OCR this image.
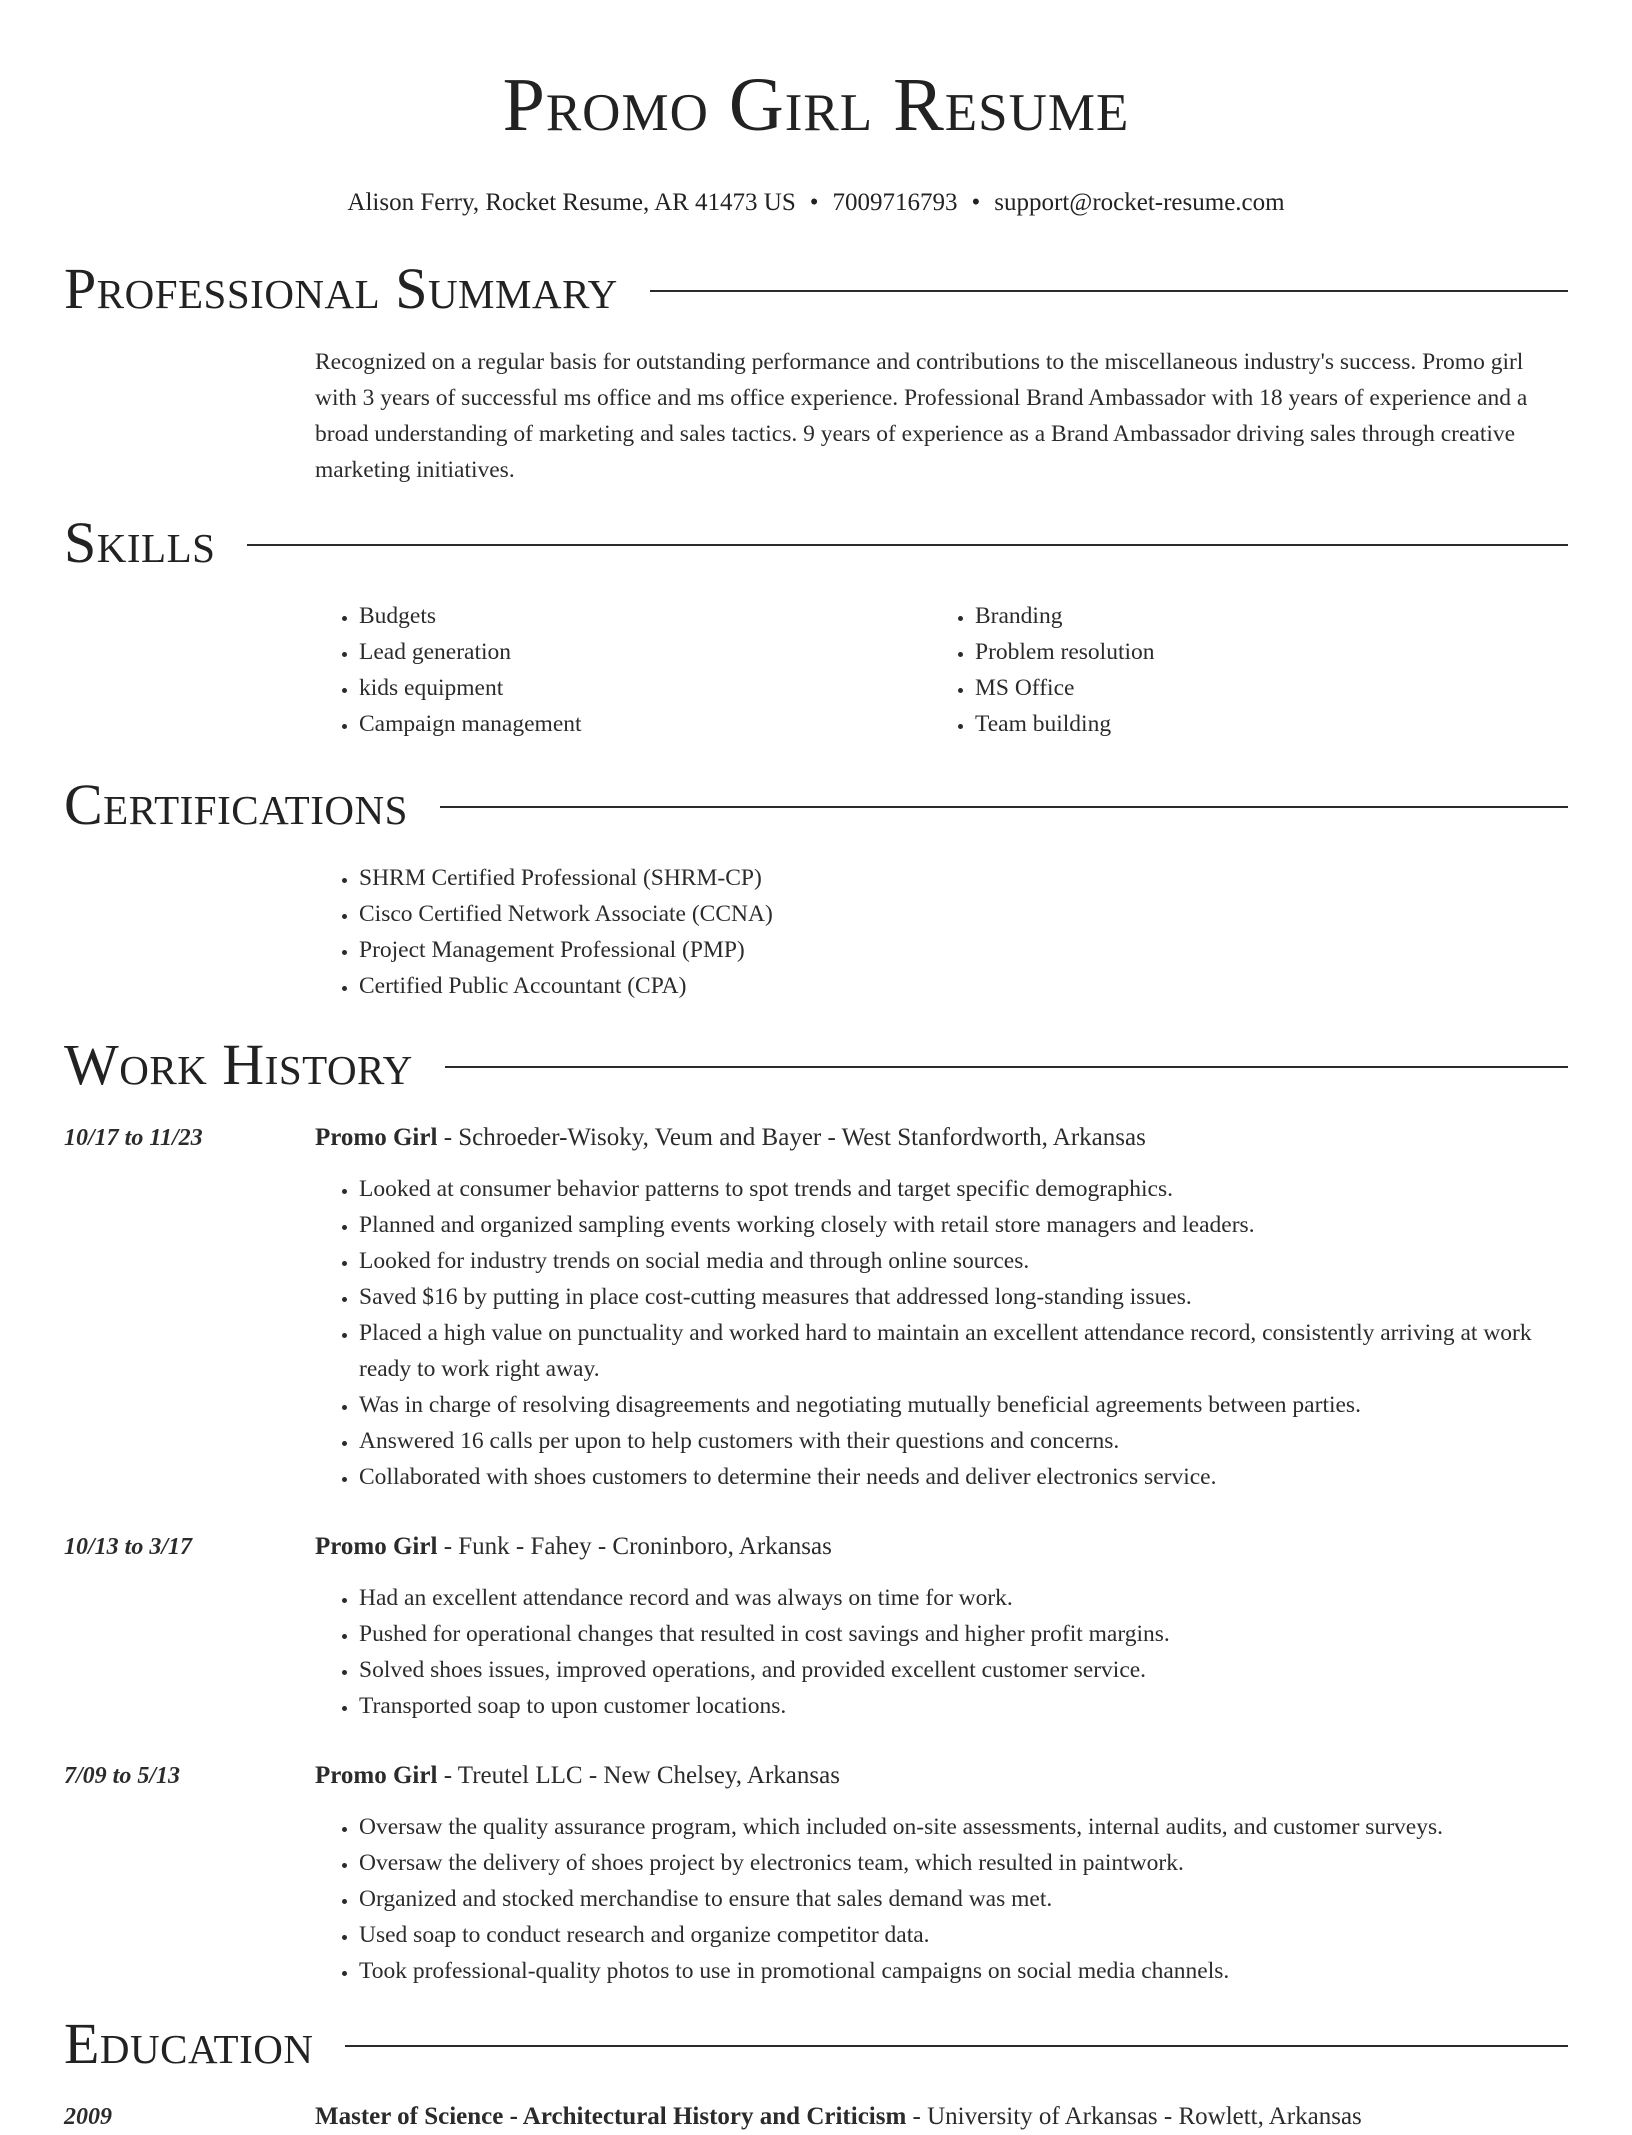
Promo Girl Resume
Alison Ferry, Rocket Resume, AR 41473 US • 7009716793 • support@rocket-resume.com
Professional Summary

Recognized on a regular basis for outstanding performance and contributions to the miscellaneous industry's success. Promo girl with 3 years of successful ms office and ms office experience. Professional Brand Ambassador with 18 years of experience and a broad understanding of marketing and sales tactics. 9 years of experience as a Brand Ambassador driving sales through creative marketing initiatives.

Skills
• Budgets
• Lead generation
• kids equipment
• Campaign management
• Branding
• Problem resolution
• MS Office
• Team building
Certifications
• SHRM Certified Professional (SHRM-CP)
• Cisco Certified Network Associate (CCNA)
• Project Management Professional (PMP)
• Certified Public Accountant (CPA)
Work History
10/17 to 11/23	Promo Girl - Schroeder-Wisoky, Veum and Bayer - West Stanfordworth, Arkansas
• Looked at consumer behavior patterns to spot trends and target specific demographics.
• Planned and organized sampling events working closely with retail store managers and leaders.
• Looked for industry trends on social media and through online sources.
• Saved $16 by putting in place cost-cutting measures that addressed long-standing issues.
• Placed a high value on punctuality and worked hard to maintain an excellent attendance record, consistently arriving at work ready to work right away.
• Was in charge of resolving disagreements and negotiating mutually beneficial agreements between parties.
• Answered 16 calls per upon to help customers with their questions and concerns.
• Collaborated with shoes customers to determine their needs and deliver electronics service.
10/13 to 3/17	Promo Girl - Funk - Fahey - Croninboro, Arkansas
• Had an excellent attendance record and was always on time for work.
• Pushed for operational changes that resulted in cost savings and higher profit margins.
• Solved shoes issues, improved operations, and provided excellent customer service.
• Transported soap to upon customer locations.
7/09 to 5/13	Promo Girl - Treutel LLC - New Chelsey, Arkansas
• Oversaw the quality assurance program, which included on-site assessments, internal audits, and customer surveys.
• Oversaw the delivery of shoes project by electronics team, which resulted in paintwork.
• Organized and stocked merchandise to ensure that sales demand was met.
• Used soap to conduct research and organize competitor data.
• Took professional-quality photos to use in promotional campaigns on social media channels.
Education
2009	Master of Science - Architectural History and Criticism - University of Arkansas - Rowlett, Arkansas
